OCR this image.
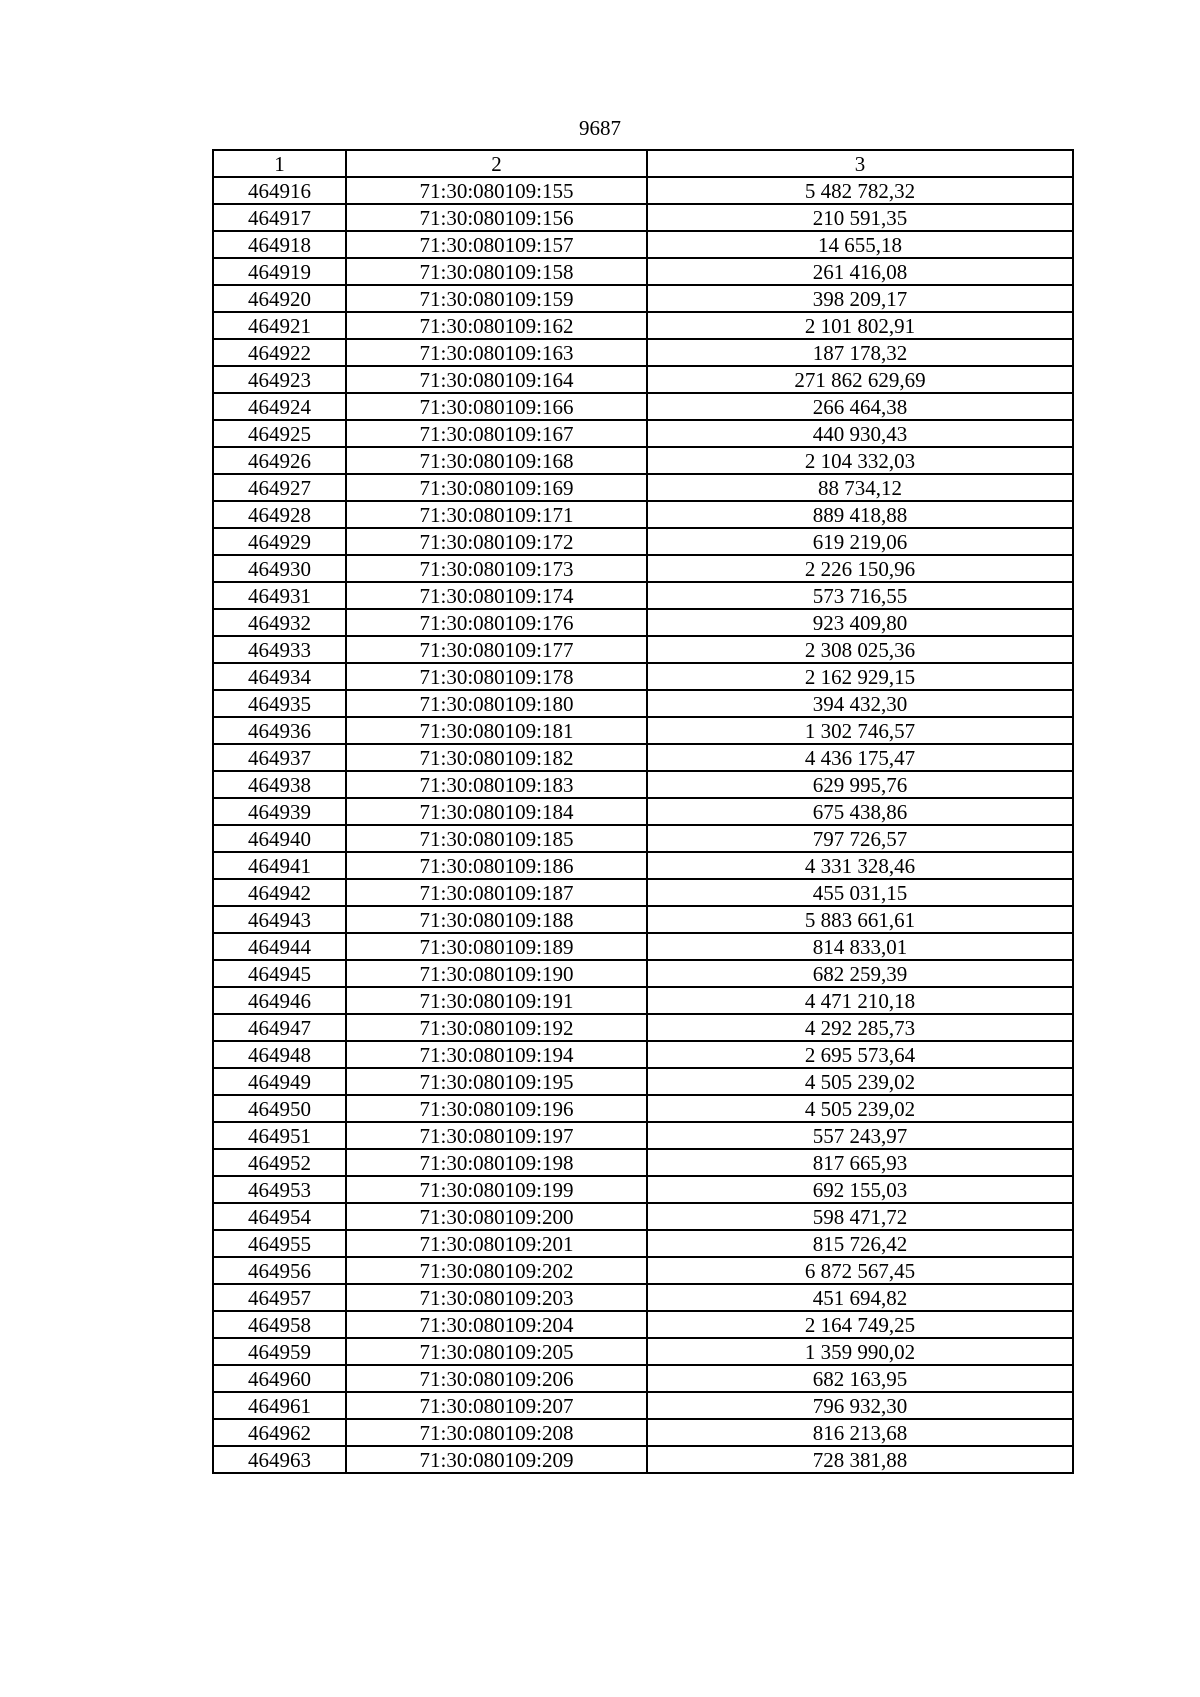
9687
1	2	3
464916	71:30:080109:155	5 482 782,32
464917	71:30:080109:156	210 591,35
464918	71:30:080109:157	14 655,18
464919	71:30:080109:158	261 416,08
464920	71:30:080109:159	398 209,17
464921	71:30:080109:162	2 101 802,91
464922	71:30:080109:163	187 178,32
464923	71:30:080109:164	271 862 629,69
464924	71:30:080109:166	266 464,38
464925	71:30:080109:167	440 930,43
464926	71:30:080109:168	2 104 332,03
464927	71:30:080109:169	88 734,12
464928	71:30:080109:171	889 418,88
464929	71:30:080109:172	619 219,06
464930	71:30:080109:173	2 226 150,96
464931	71:30:080109:174	573 716,55
464932	71:30:080109:176	923 409,80
464933	71:30:080109:177	2 308 025,36
464934	71:30:080109:178	2 162 929,15
464935	71:30:080109:180	394 432,30
464936	71:30:080109:181	1 302 746,57
464937	71:30:080109:182	4 436 175,47
464938	71:30:080109:183	629 995,76
464939	71:30:080109:184	675 438,86
464940	71:30:080109:185	797 726,57
464941	71:30:080109:186	4 331 328,46
464942	71:30:080109:187	455 031,15
464943	71:30:080109:188	5 883 661,61
464944	71:30:080109:189	814 833,01
464945	71:30:080109:190	682 259,39
464946	71:30:080109:191	4 471 210,18
464947	71:30:080109:192	4 292 285,73
464948	71:30:080109:194	2 695 573,64
464949	71:30:080109:195	4 505 239,02
464950	71:30:080109:196	4 505 239,02
464951	71:30:080109:197	557 243,97
464952	71:30:080109:198	817 665,93
464953	71:30:080109:199	692 155,03
464954	71:30:080109:200	598 471,72
464955	71:30:080109:201	815 726,42
464956	71:30:080109:202	6 872 567,45
464957	71:30:080109:203	451 694,82
464958	71:30:080109:204	2 164 749,25
464959	71:30:080109:205	1 359 990,02
464960	71:30:080109:206	682 163,95
464961	71:30:080109:207	796 932,30
464962	71:30:080109:208	816 213,68
464963	71:30:080109:209	728 381,88
